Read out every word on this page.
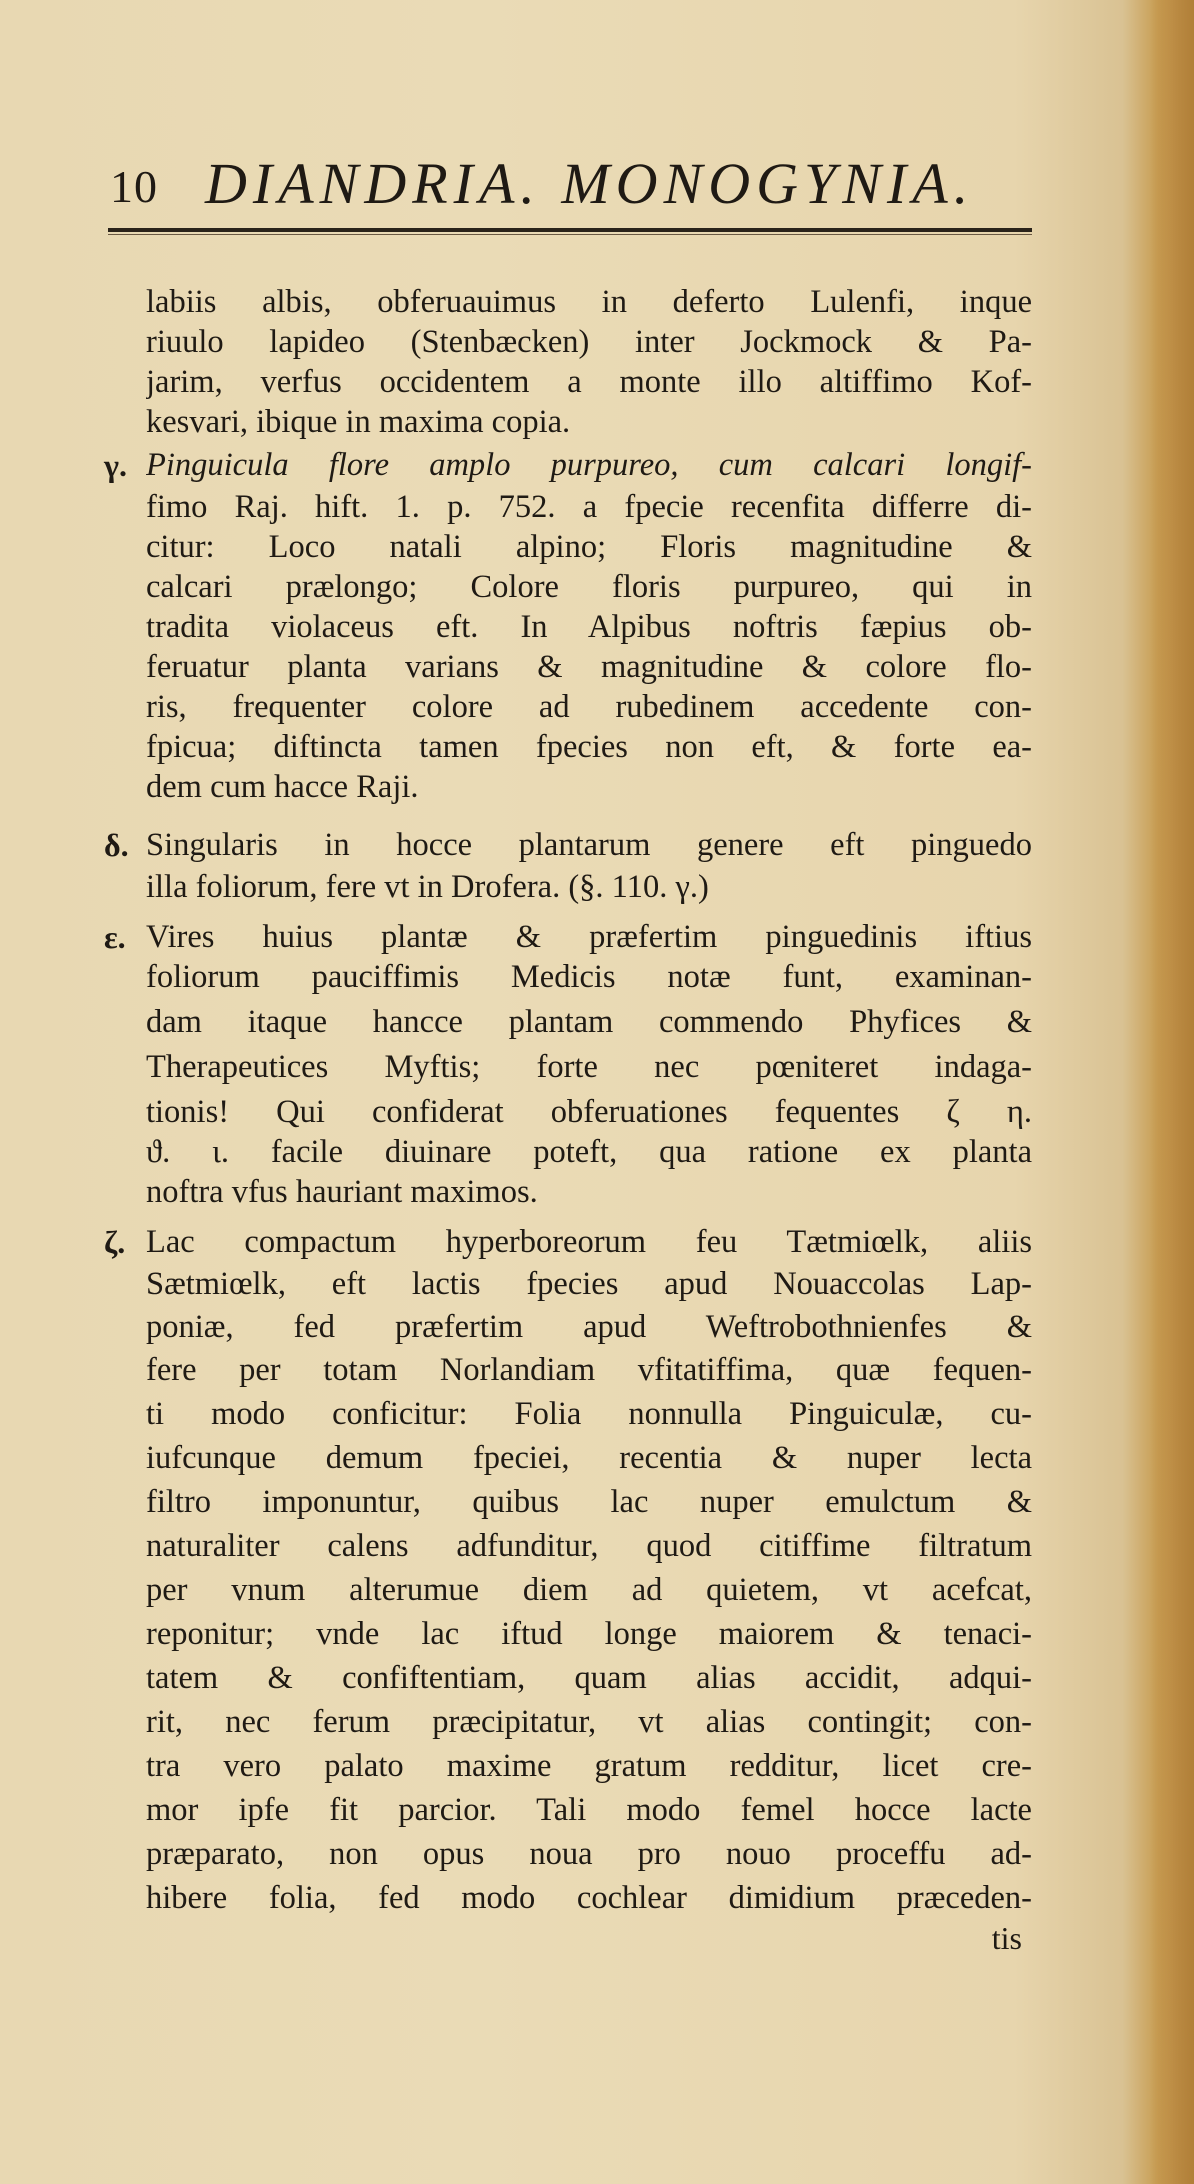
10 DIANDRIA. MONOGYNIA.
labiis albis, obferuauimus in deferto Lulenfi, inque
riuulo lapideo (Stenbæcken) inter Jockmock & Pa-
jarim, verfus occidentem a monte illo altiffimo Kof-
kesvari, ibique in maxima copia.
γ. Pinguicula flore amplo purpureo, cum calcari longif-
fimo Raj. hift. 1. p. 752. a fpecie recenfita differre di-
citur: Loco natali alpino; Floris magnitudine &
calcari prælongo; Colore floris purpureo, qui in
tradita violaceus eft. In Alpibus noftris fæpius ob-
feruatur planta varians & magnitudine & colore flo-
ris, frequenter colore ad rubedinem accedente con-
fpicua; diftincta tamen fpecies non eft, & forte ea-
dem cum hacce Raji.
δ. Singularis in hocce plantarum genere eft pinguedo
illa foliorum, fere vt in Drofera. (§. 110. γ.)
ε. Vires huius plantæ & præfertim pinguedinis iftius
foliorum pauciffimis Medicis notæ funt, examinan-
dam itaque hancce plantam commendo Phyfices &
Therapeutices Myftis; forte nec pœniteret indaga-
tionis! Qui confiderat obferuationes fequentes ζ η.
ϑ. ι. facile diuinare poteft, qua ratione ex planta
noftra vfus hauriant maximos.
ζ. Lac compactum hyperboreorum feu Tætmiœlk, aliis
Sætmiœlk, eft lactis fpecies apud Nouaccolas Lap-
poniæ, fed præfertim apud Weftrobothnienfes &
fere per totam Norlandiam vfitatiffima, quæ fequen-
ti modo conficitur: Folia nonnulla Pinguiculæ, cu-
iufcunque demum fpeciei, recentia & nuper lecta
filtro imponuntur, quibus lac nuper emulctum &
naturaliter calens adfunditur, quod citiffime filtratum
per vnum alterumue diem ad quietem, vt acefcat,
reponitur; vnde lac iftud longe maiorem & tenaci-
tatem & confiftentiam, quam alias accidit, adqui-
rit, nec ferum præcipitatur, vt alias contingit; con-
tra vero palato maxime gratum redditur, licet cre-
mor ipfe fit parcior. Tali modo femel hocce lacte
præparato, non opus noua pro nouo proceffu ad-
hibere folia, fed modo cochlear dimidium præceden-
tis
